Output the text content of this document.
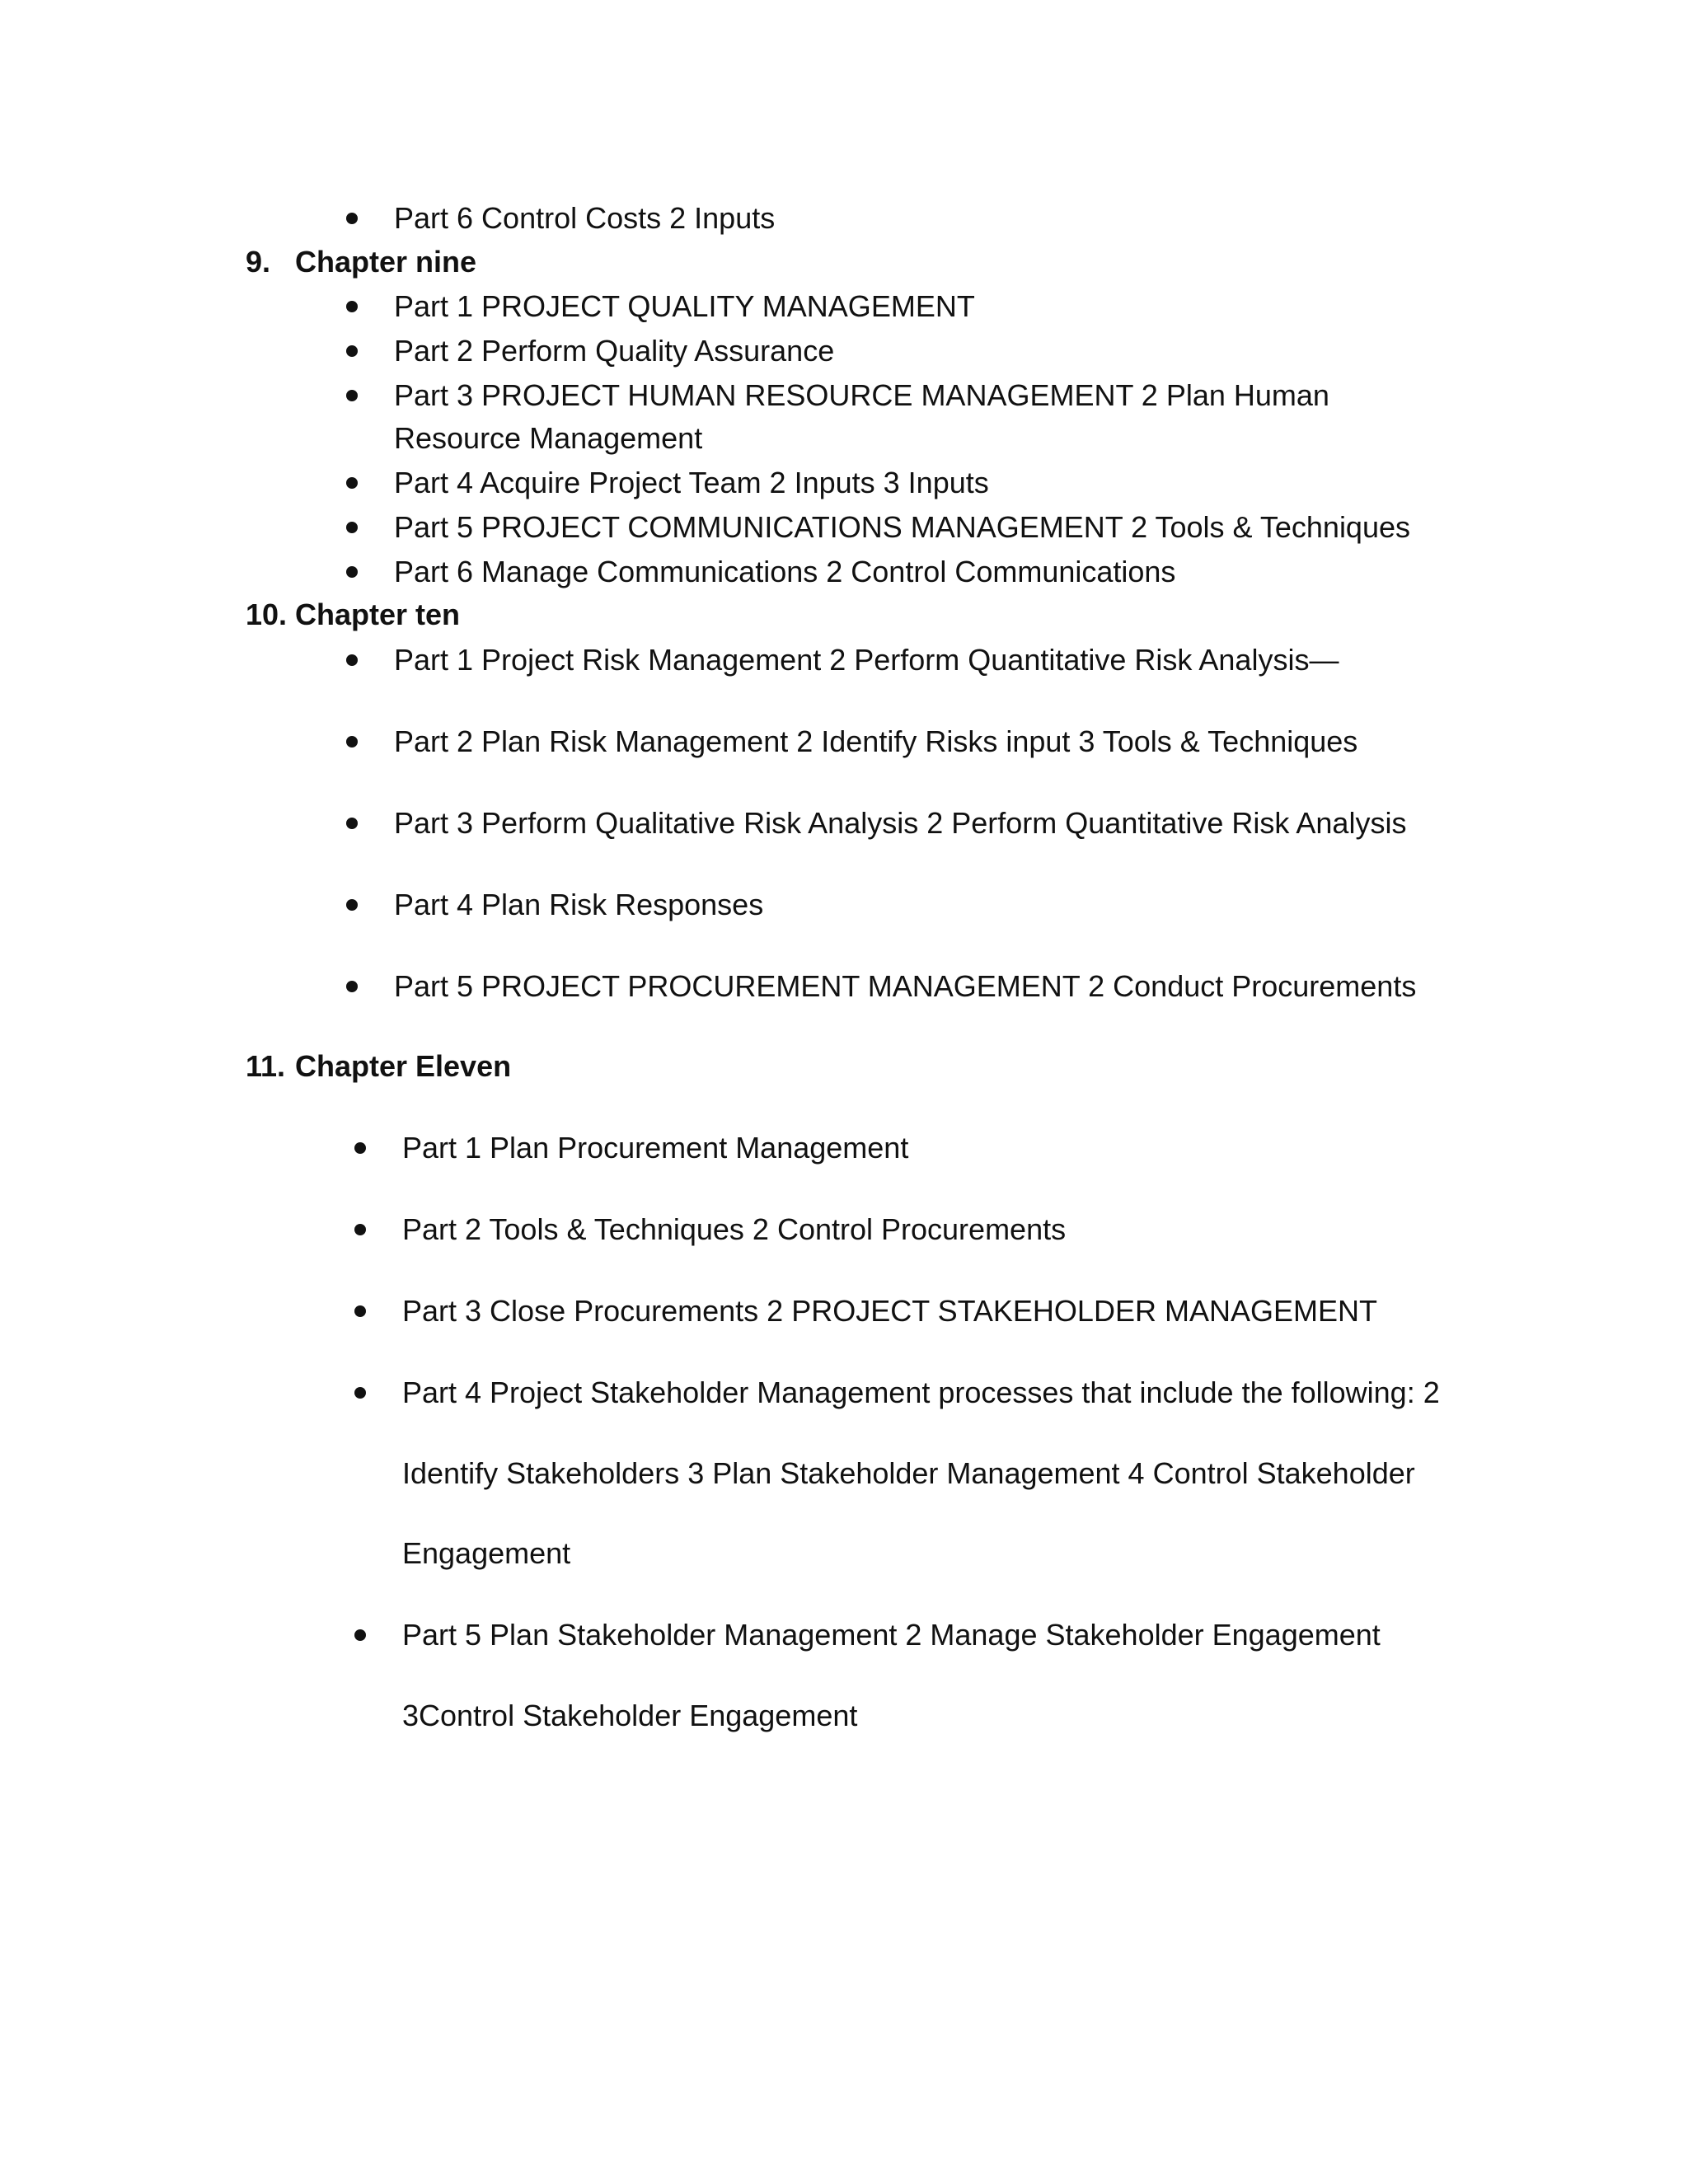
Part 6 Control Costs 2 Inputs
9. Chapter nine
Part 1 PROJECT QUALITY MANAGEMENT
Part 2 Perform Quality Assurance
Part 3 PROJECT HUMAN RESOURCE MANAGEMENT 2 Plan Human
Resource Management
Part 4 Acquire Project Team 2 Inputs 3 Inputs
Part 5 PROJECT COMMUNICATIONS MANAGEMENT 2 Tools & Techniques
Part 6 Manage Communications 2 Control Communications
10. Chapter ten
Part 1 Project Risk Management 2 Perform Quantitative Risk Analysis—
Part 2 Plan Risk Management 2 Identify Risks input 3 Tools & Techniques
Part 3 Perform Qualitative Risk Analysis 2 Perform Quantitative Risk Analysis
Part 4 Plan Risk Responses
Part 5 PROJECT PROCUREMENT MANAGEMENT 2 Conduct Procurements
11. Chapter Eleven
Part 1 Plan Procurement Management
Part 2 Tools & Techniques 2 Control Procurements
Part 3 Close Procurements 2 PROJECT STAKEHOLDER MANAGEMENT
Part 4 Project Stakeholder Management processes that include the following: 2
Identify Stakeholders 3 Plan Stakeholder Management 4 Control Stakeholder
Engagement
Part 5 Plan Stakeholder Management 2 Manage Stakeholder Engagement
3Control Stakeholder Engagement
